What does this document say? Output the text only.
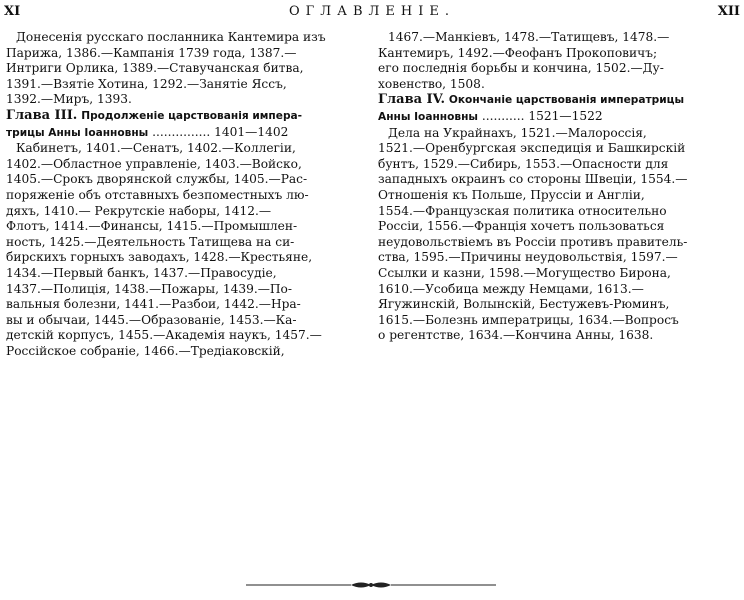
XI	ОГЛАВЛЕНІЕ.	XII
Донесенія русскаго посланника Кантемира изъ
Парижа, 1386.—Кампанія 1739 года, 1387.—
Интриги Орлика, 1389.—Ставучанская битва,
1391.—Взятіе Хотина, 1292.—Занятіе Яссъ,
1392.—Миръ, 1393.
Глава III. Продолженіе царствованія импера-
трицы Анны Іоанновны ............... 1401—1402
Кабинетъ, 1401.—Сенатъ, 1402.—Коллегіи,
1402.—Областное управленіе, 1403.—Войско,
1405.—Срокъ дворянской службы, 1405.—Рас-
поряженіе объ отставныхъ безпоместныхъ лю-
дяхъ, 1410.— Рекрутскіе наборы, 1412.—
Флотъ, 1414.—Финансы, 1415.—Промышлен-
ность, 1425.—Деятельность Татищева на си-
бирскихъ горныхъ заводахъ, 1428.—Крестьяне,
1434.—Первый банкъ, 1437.—Правосудіе,
1437.—Полиція, 1438.—Пожары, 1439.—По-
вальныя болезни, 1441.—Разбои, 1442.—Нра-
вы и обычаи, 1445.—Образованіе, 1453.—Ка-
детскій корпусъ, 1455.—Академія наукъ, 1457.—
Россійское собраніе, 1466.—Тредіаковскій,
1467.—Манкіевъ, 1478.—Татищевъ, 1478.—
Кантемиръ, 1492.—Феофанъ Прокоповичъ;
его последнія борьбы и кончина, 1502.—Ду-
ховенство, 1508.
Глава IV. Окончаніе царствованія императрицы
Анны Іоанновны ........... 1521—1522
Дела на Украйнахъ, 1521.—Малороссія,
1521.—Оренбургская экспедиція и Башкирскій
бунтъ, 1529.—Сибирь, 1553.—Опасности для
западныхъ окраинъ со стороны Швеціи, 1554.—
Отношенія къ Польше, Пруссіи и Англіи,
1554.—Французская политика относительно
Россіи, 1556.—Франція хочетъ пользоваться
неудовольствіемъ въ Россіи противъ правитель-
ства, 1595.—Причины неудовольствія, 1597.—
Ссылки и казни, 1598.—Могущество Бирона,
1610.—Усобица между Немцами, 1613.—
Ягужинскій, Волынскій, Бестужевъ-Рюминъ,
1615.—Болезнь императрицы, 1634.—Вопросъ
о регентстве, 1634.—Кончина Анны, 1638.
